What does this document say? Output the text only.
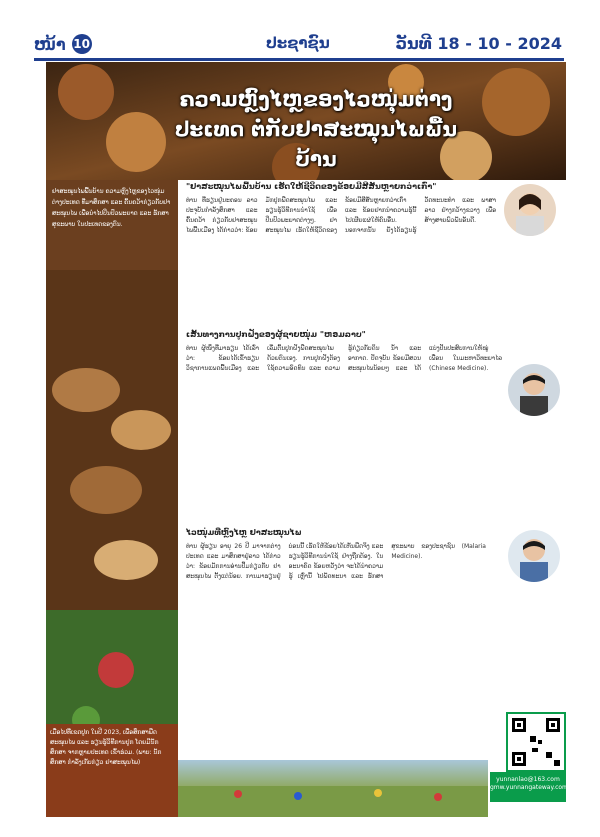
ໜ້າ 10	ປະຊາຊົນ	ວັນທີ 18 - 10 - 2024
ຄວາມຫຼົງໄຫຼຂອງໄວໜຸ່ມຕ່າງປະເທດ ຕໍ່ກັບຢາສະໝຸນໄພພື້ນບ້ານ
ຢາສະໝຸນໄພພື້ນບ້ານ ຄວາມຫຼົງໄຫຼຂອງໄວໜຸ່ມຕ່າງປະເທດ ທີ່ມາສຶກສາ ແລະ ຄົ້ນຄວ້າກ່ຽວກັບຢາສະໝຸນໄພ ເພື່ອນຳໄປປິ່ນປົວພະຍາດ ແລະ ຮັກສາສຸຂະພາບ ໃນປະເທດຂອງຕົນ.
ເມື່ອໄປທີ່ເຂດປູກ ໃນປີ 2023, ເພື່ອສຶກສາພືດສະໝຸນໄພ ແລະ ຮຽນຮູ້ວິທີການປູກ ໂດຍມີນັກສຶກສາ ຈາກຫຼາຍປະເທດ ເຂົ້າຮ່ວມ. (ພາບ: ນັກສຶກສາ ກຳລັງເກັບກ່ຽວ ຢາສະໝຸນໄພ)
"ຢາສະໝຸນໄພພື້ນບ້ານ ເຮັດໃຫ້ຊີວິດຂອງຂ້ອຍມີສີສັນຫຼາຍກວ່າເກົ່າ"
ທ່ານ ທີ່ຮຽນຢູ່ນະຄອນ ລາວ ປະຈຸບັນກຳລັງສຶກສາ ແລະ ຄົ້ນຄວ້າ ກ່ຽວກັບຢາສະໝຸນໄພພື້ນເມືອງ ໄດ້ກ່າວວ່າ: ຂ້ອຍມັກປູກພືດສະໝຸນໄພ ແລະ ຮຽນຮູ້ວິທີການນຳໃຊ້ ເພື່ອປິ່ນປົວພະຍາດຕ່າງໆ. ຢາສະໝຸນໄພ ເຮັດໃຫ້ຊີວິດຂອງຂ້ອຍມີສີສັນຫຼາຍກວ່າເກົ່າ ແລະ ຂ້ອຍຢາກນຳຄວາມຮູ້ນີ້ໄປເຜີຍແຜ່ໃຫ້ຄົນອື່ນ. ນອກຈາກນັ້ນ ຍັງໄດ້ຮຽນຮູ້ວັດທະນະທຳ ແລະ ພາສາລາວ ຢ່າງກວ້າງຂວາງ ເພື່ອສ້າງສາຍພົວພັນອັນດີ.
ເສັ້ນທາງການປູກຝັງຂອງຜູ້ຊາຍໜຸ່ມ "ຫອມລາບ"
ທ່ານ ຜູ້ໜຶ່ງທີ່ມາຮຽນ ໄດ້ເລົ່າວ່າ: ຂ້ອຍໄດ້ເຂົ້າຮຽນວິຊາການແພດພື້ນເມືອງ ແລະ ເລີ່ມຕົ້ນປູກຝັງພືດສະໝຸນໄພ ດ້ວຍຕົນເອງ. ການປູກຝັງຕ້ອງໃຊ້ຄວາມອົດທົນ ແລະ ຄວາມຮູ້ກ່ຽວກັບດິນ ນ້ຳ ແລະ ອາກາດ. ປັດຈຸບັນ ຂ້ອຍມີສວນສະໝຸນໄພນ້ອຍໆ ແລະ ໄດ້ແບ່ງປັນປະສົບການໃຫ້ໝູ່ເພື່ອນ ໃນມະຫາວິທະຍາໄລ (Chinese Medicine).
ໄວໜຸ່ມທີ່ຫຼົງໄຫຼ ຢາສະໝຸນໄພ
ທ່ານ ຜູ້ຮຽນ ອາຍຸ 26 ປີ ມາຈາກຕ່າງປະເທດ ແລະ ມາສຶກສາຢູ່ລາວ ໄດ້ກ່າວວ່າ: ຂ້ອຍມັກການອ່ານປຶ້ມກ່ຽວກັບ ຢາສະໝຸນໄພ ຕັ້ງແຕ່ນ້ອຍ. ການມາຮຽນຢູ່ບ່ອນນີ້ ເຮັດໃຫ້ຂ້ອຍໄດ້ເຫັນພືດຈິງ ແລະ ຮຽນຮູ້ວິທີການນຳໃຊ້ ຢ່າງຖືກຕ້ອງ. ໃນອະນາຄົດ ຂ້ອຍຫວັງວ່າ ຈະໄດ້ນຳຄວາມຮູ້ ເຫຼົ່ານີ້ ໄປພັດທະນາ ແລະ ຮັກສາສຸຂະພາບ ຂອງປະຊາຊົນ (Malaria Medicine).
yunnanlao@163.com
gmw.yunnangateway.com
